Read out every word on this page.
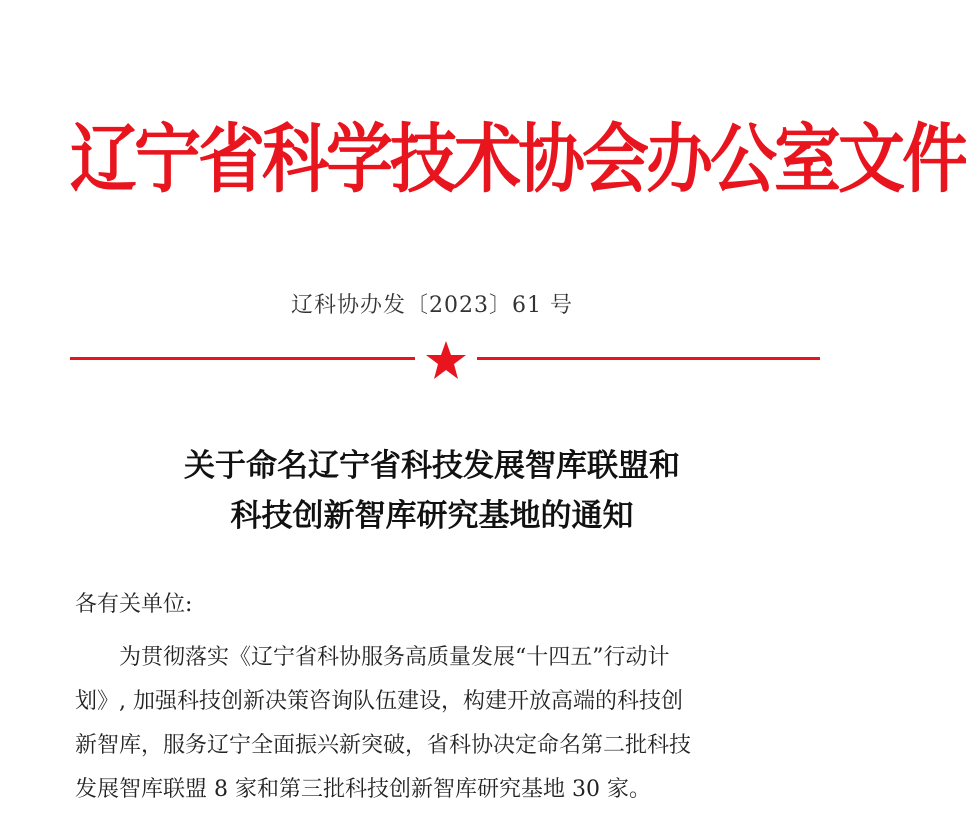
辽宁省科学技术协会办公室文件
辽科协办发〔2023〕61 号
关于命名辽宁省科技发展智库联盟和
科技创新智库研究基地的通知
各有关单位:
为贯彻落实《辽宁省科协服务高质量发展“十四五”行动计
划》, 加强科技创新决策咨询队伍建设，构建开放高端的科技创
新智库，服务辽宁全面振兴新突破，省科协决定命名第二批科技
发展智库联盟 8 家和第三批科技创新智库研究基地 30 家。
